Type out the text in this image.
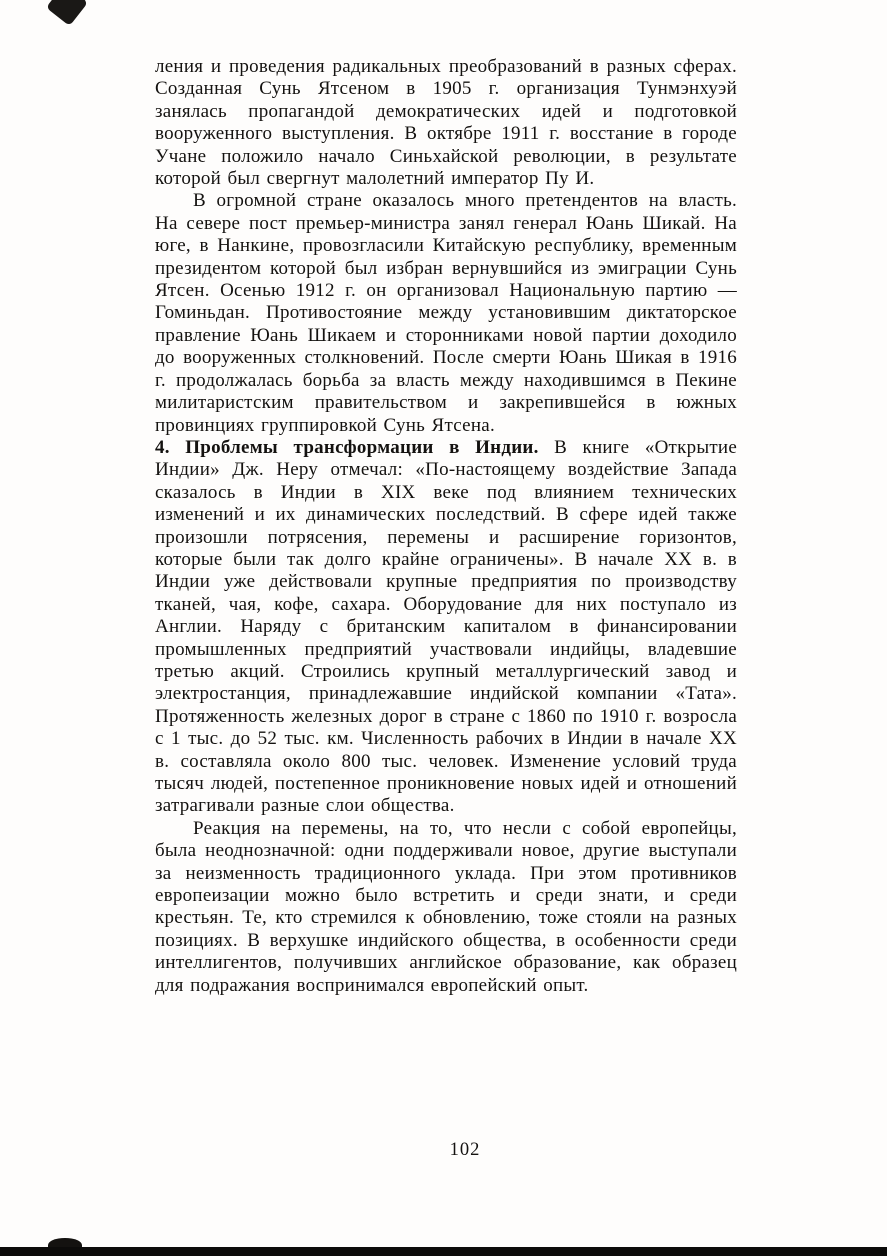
ления и проведения радикальных преобразований в разных сферах. Созданная Сунь Ятсеном в 1905 г. организация Тунмэнхуэй занялась пропагандой демократических идей и подготовкой вооруженного выступления. В октябре 1911 г. восстание в городе Учане положило начало Синьхайской революции, в результате которой был свергнут малолетний император Пу И.

В огромной стране оказалось много претендентов на власть. На севере пост премьер-министра занял генерал Юань Шикай. На юге, в Нанкине, провозгласили Китайскую республику, временным президентом которой был избран вернувшийся из эмиграции Сунь Ятсен. Осенью 1912 г. он организовал Национальную партию — Гоминьдан. Противостояние между установившим диктаторское правление Юань Шикаем и сторонниками новой партии доходило до вооруженных столкновений. После смерти Юань Шикая в 1916 г. продолжалась борьба за власть между находившимся в Пекине милитаристским правительством и закрепившейся в южных провинциях группировкой Сунь Ятсена.

4. Проблемы трансформации в Индии. В книге «Открытие Индии» Дж. Неру отмечал: «По-настоящему воздействие Запада сказалось в Индии в XIX веке под влиянием технических изменений и их динамических последствий. В сфере идей также произошли потрясения, перемены и расширение горизонтов, которые были так долго крайне ограничены». В начале XX в. в Индии уже действовали крупные предприятия по производству тканей, чая, кофе, сахара. Оборудование для них поступало из Англии. Наряду с британским капиталом в финансировании промышленных предприятий участвовали индийцы, владевшие третью акций. Строились крупный металлургический завод и электростанция, принадлежавшие индийской компании «Тата». Протяженность железных дорог в стране с 1860 по 1910 г. возросла с 1 тыс. до 52 тыс. км. Численность рабочих в Индии в начале XX в. составляла около 800 тыс. человек. Изменение условий труда тысяч людей, постепенное проникновение новых идей и отношений затрагивали разные слои общества.

Реакция на перемены, на то, что несли с собой европейцы, была неоднозначной: одни поддерживали новое, другие выступали за неизменность традиционного уклада. При этом противников европеизации можно было встретить и среди знати, и среди крестьян. Те, кто стремился к обновлению, тоже стояли на разных позициях. В верхушке индийского общества, в особенности среди интеллигентов, получивших английское образование, как образец для подражания воспринимался европейский опыт.

102
